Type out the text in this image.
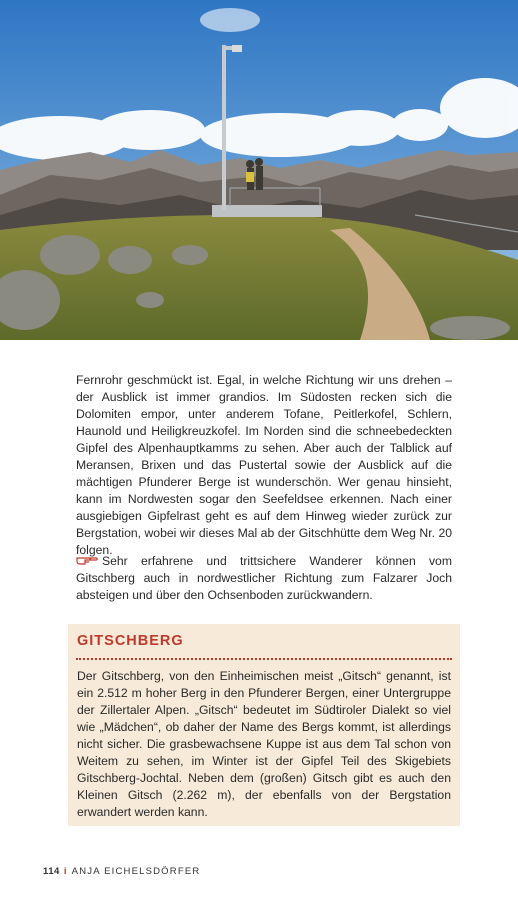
Fernrohr geschmückt ist. Egal, in welche Richtung wir uns drehen – der Ausblick ist immer grandios. Im Südosten recken sich die Dolomiten empor, unter anderem Tofane, Peitlerkofel, Schlern, Haunold und Heiligkreuzkofel. Im Norden sind die schneebedeckten Gipfel des Alpenhauptkamms zu sehen. Aber auch der Talblick auf Meransen, Brixen und das Pustertal sowie der Ausblick auf die mächtigen Pfunderer Berge ist wunderschön. Wer genau hinsieht, kann im Nordwesten sogar den Seefeldsee erkennen. Nach einer ausgiebigen Gipfelrast geht es auf dem Hinweg wieder zurück zur Bergstation, wobei wir dieses Mal ab der Gitschhütte dem Weg Nr. 20 folgen.

Sehr erfahrene und trittsichere Wanderer können vom Gitschberg auch in nordwestlicher Richtung zum Falzarer Joch absteigen und über den Ochsenboden zurückwandern.

GITSCHBERG

Der Gitschberg, von den Einheimischen meist „Gitsch“ genannt, ist ein 2.512 m hoher Berg in den Pfunderer Bergen, einer Untergruppe der Zillertaler Alpen. „Gitsch“ bedeutet im Südtiroler Dialekt so viel wie „Mädchen“, ob daher der Name des Bergs kommt, ist allerdings nicht sicher. Die grasbewachsene Kuppe ist aus dem Tal schon von Weitem zu sehen, im Winter ist der Gipfel Teil des Skigebiets Gitschberg-Jochtal. Neben dem (großen) Gitsch gibt es auch den Kleinen Gitsch (2.262 m), der ebenfalls von der Bergstation erwandert werden kann.

114 i ANJA EICHELSDÖRFER
